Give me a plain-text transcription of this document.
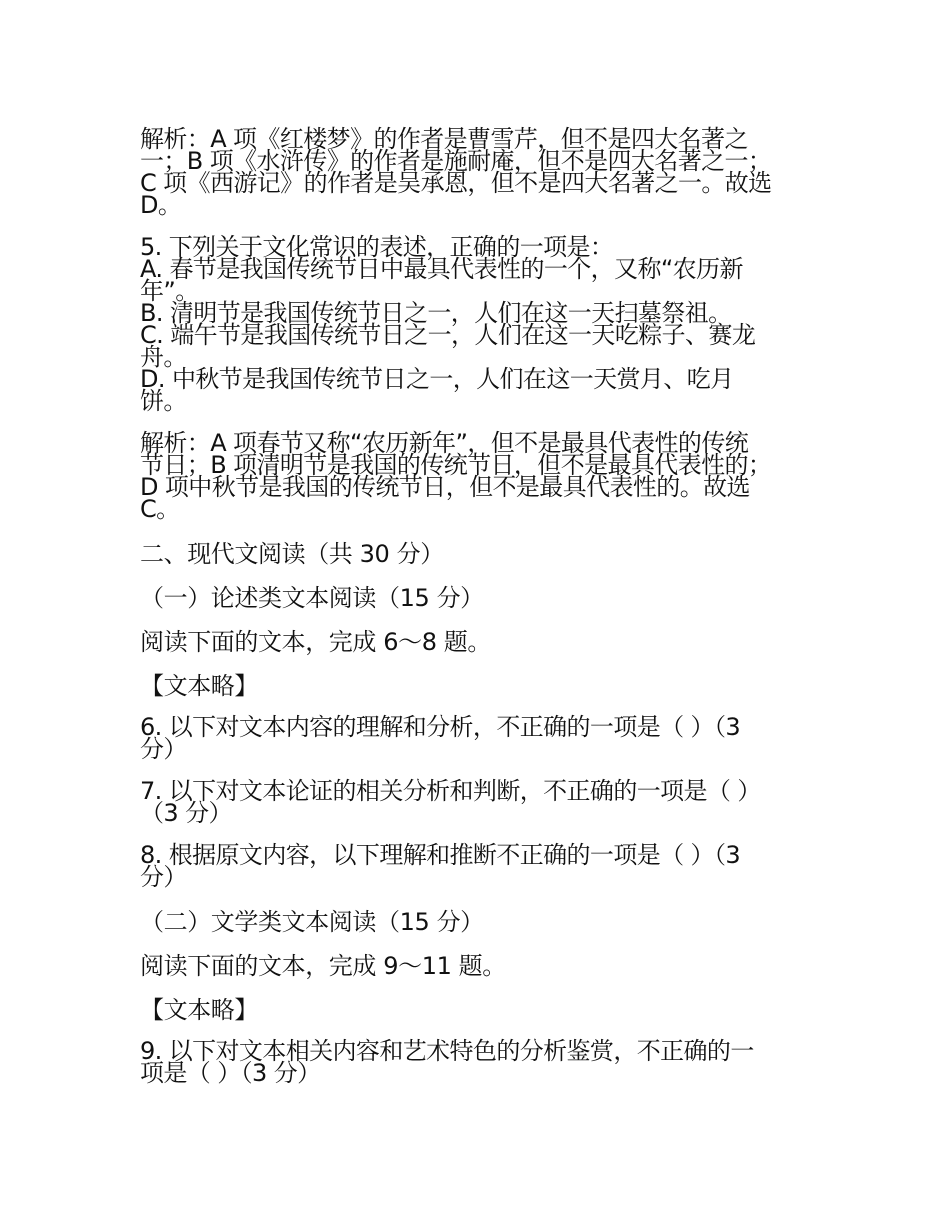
解析：A 项《红楼梦》的作者是曹雪芹，但不是四大名著之
一；B 项《水浒传》的作者是施耐庵，但不是四大名著之一；
C 项《西游记》的作者是吴承恩，但不是四大名著之一。故选
D。
5. 下列关于文化常识的表述，正确的一项是：
A. 春节是我国传统节日中最具代表性的一个，又称“农历新
年”。
B. 清明节是我国传统节日之一，人们在这一天扫墓祭祖。
C. 端午节是我国传统节日之一，人们在这一天吃粽子、赛龙
舟。
D. 中秋节是我国传统节日之一，人们在这一天赏月、吃月
饼。
解析：A 项春节又称“农历新年”，但不是最具代表性的传统
节日；B 项清明节是我国的传统节日，但不是最具代表性的；
D 项中秋节是我国的传统节日，但不是最具代表性的。故选
C。

二、现代文阅读（共 30 分）

（一）论述类文本阅读（15 分）

阅读下面的文本，完成 6～8 题。

【文本略】

6. 以下对文本内容的理解和分析，不正确的一项是（ ）（3
分）
7. 以下对文本论证的相关分析和判断，不正确的一项是（ ）
（3 分）
8. 根据原文内容，以下理解和推断不正确的一项是（ ）（3
分）

（二）文学类文本阅读（15 分）

阅读下面的文本，完成 9～11 题。

【文本略】

9. 以下对文本相关内容和艺术特色的分析鉴赏，不正确的一
项是（ ）（3 分）
